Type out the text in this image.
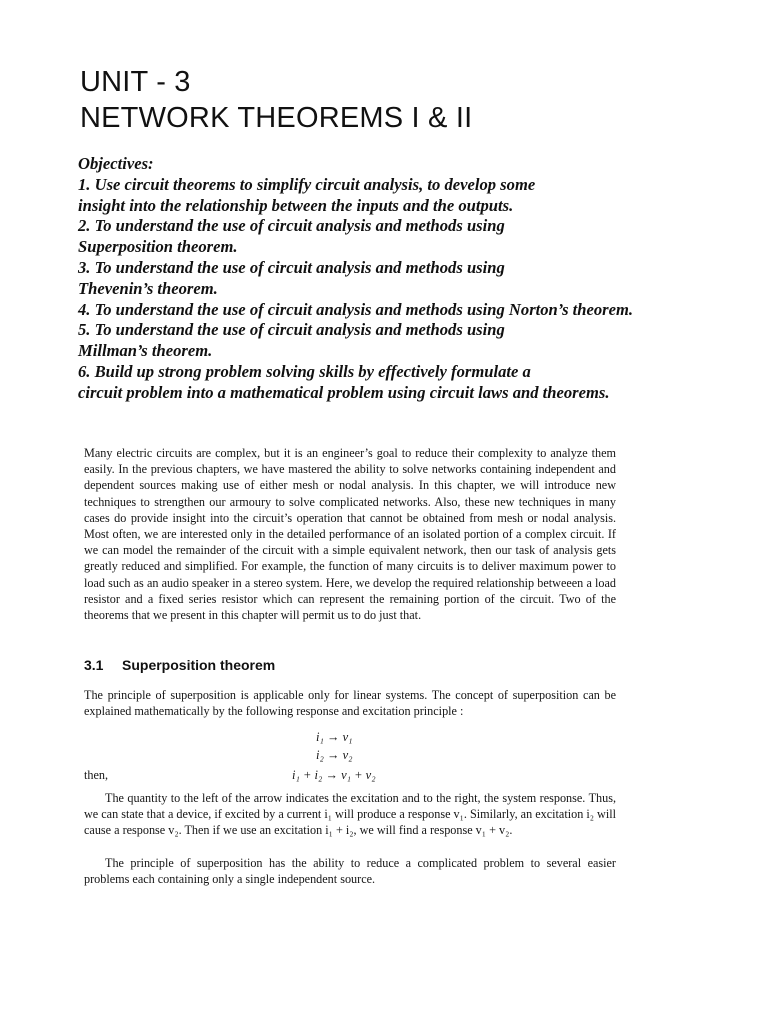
UNIT - 3
NETWORK THEOREMS I & II
Objectives:
1. Use circuit theorems to simplify circuit analysis, to develop some
insight into the relationship between the inputs and the outputs.
2. To understand the use of circuit analysis and methods using
Superposition theorem.
3. To understand the use of circuit analysis and methods using
Thevenin’s theorem.
4. To understand the use of circuit analysis and methods using Norton’s theorem.
5. To understand the use of circuit analysis and methods using
Millman’s theorem.
6. Build up strong problem solving skills by effectively formulate a
circuit problem into a mathematical problem using circuit laws and theorems.

Many electric circuits are complex, but it is an engineer’s goal to reduce their complexity to analyze them easily. In the previous chapters, we have mastered the ability to solve networks containing independent and dependent sources making use of either mesh or nodal analysis. In this chapter, we will introduce new techniques to strengthen our armoury to solve complicated networks. Also, these new techniques in many cases do provide insight into the circuit’s operation that cannot be obtained from mesh or nodal analysis. Most often, we are interested only in the detailed performance of an isolated portion of a complex circuit. If we can model the remainder of the circuit with a simple equivalent network, then our task of analysis gets greatly reduced and simplified. For example, the function of many circuits is to deliver maximum power to load such as an audio speaker in a stereo system. Here, we develop the required relationship betweeen a load resistor and a fixed series resistor which can represent the remaining portion of the circuit. Two of the theorems that we present in this chapter will permit us to do just that.

3.1 Superposition theorem

The principle of superposition is applicable only for linear systems. The concept of superposition can be explained mathematically by the following response and excitation principle :

i₁ → v₁
i₂ → v₂
then,	i₁ + i₂ → v₁ + v₂

The quantity to the left of the arrow indicates the excitation and to the right, the system response. Thus, we can state that a device, if excited by a current i₁ will produce a response v₁. Similarly, an excitation i₂ will cause a response v₂. Then if we use an excitation i₁ + i₂, we will find a response v₁ + v₂.

The principle of superposition has the ability to reduce a complicated problem to several easier problems each containing only a single independent source.
